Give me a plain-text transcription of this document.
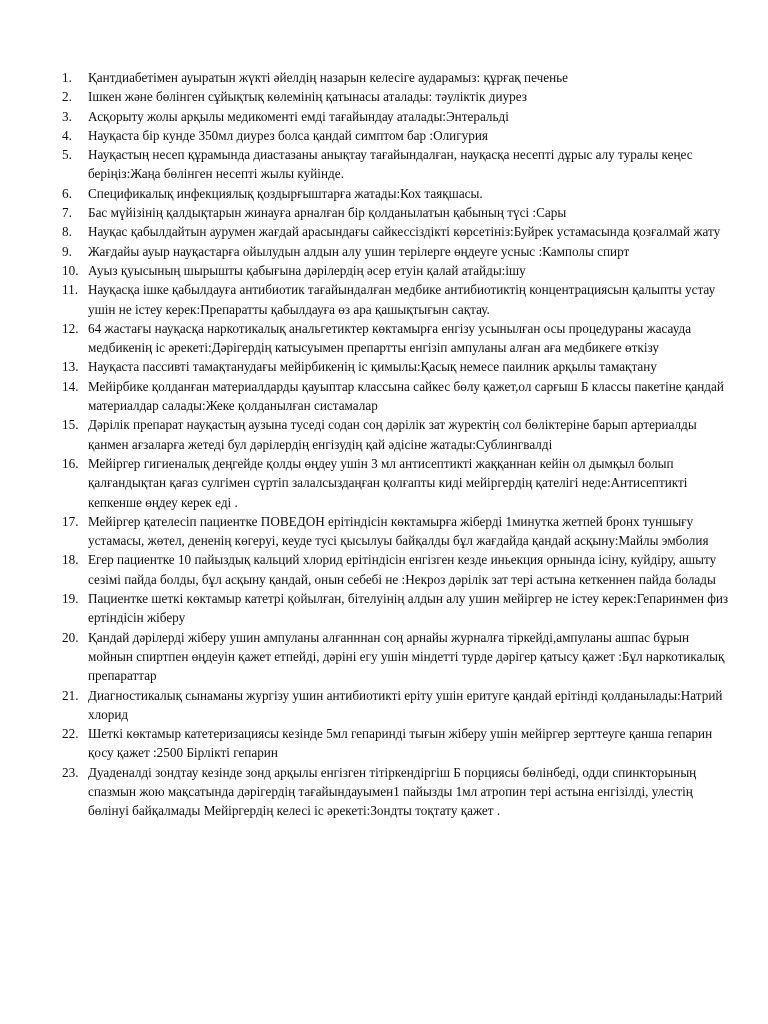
1.	Қантдиабетімен ауыратын жүкті әйелдің назарын келесіге аударамыз: құрғақ печенье
2.	Ішкен және бөлінген сұйықтық көлемінің қатынасы аталады: тәуліктік диурез
3.	Асқорыту жолы арқылы медикоменті емді тағайындау аталады:Энтеральді
4.	Науқаста бір кунде 350мл диурез болса қандай симптом бар :Олигурия
5.	Науқастың несеп құрамында диастазаны анықтау тағайындалған, науқасқа несепті дұрыс алу туралы кеңес беріңіз:Жаңа бөлінген несепті жылы куйінде.
6.	Спецификалық инфекциялық қоздырғыштарға жатады:Кох таяқшасы.
7.	Бас мүйізінің қалдықтарын жинауға арналған бір қолданылатын қабының түсі :Сары
8.	Науқас қабылдайтын аурумен жағдай арасындағы сайкессіздікті көрсетініз:Буйрек устамасында қозғалмай жату
9.	Жағдайы ауыр науқастарға ойылудын алдын алу ушин терілерге өңдеуге усныс :Камполы спирт
10. Ауыз қуысының шырышты қабығына дәрілердің әсер етуін қалай атайды:ішу
11. Науқасқа ішке қабылдауға антибиотик тағайындалған медбике антибиотиктің концентрациясын қалыпты устау ушін не істеу керек:Препаратты қабылдауға өз ара қашықтығын сақтау.
12. 64 жастағы науқасқа наркотикалық анальгетиктер көктамырға енгізу усынылған осы процедураны жасауда медбикенің іс әрекеті:Дәрігердің катысуымен препартты енгізіп ампуланы алған аға медбикеге өткізу
13. Науқаста пассивті тамақтанудағы мейірбикенің іс қимылы:Қасық немесе паилник арқылы тамақтану
14. Мейірбике қолданған материалдарды қауыптар классына сайкес бөлу қажет,ол сарғыш Б классы пакетіне қандай материалдар салады:Жеке қолданылған систамалар
15. Дәрілік препарат науқастың аузына туседі содан соң дәрілік зат журектің сол бөліктеріне барып артериалды қанмен ағзаларға жетеді бул дәрілердің енгізудің қай әдісіне жатады:Сублингвалді
16. Мейіргер гигиеналық деңгейде қолды өңдеу ушін 3 мл антисептикті жаққаннан кейін ол дымқыл болып қалғандықтан қағаз сулгімен сүртіп залалсыздаңған қолғапты киді мейіргердің қателігі неде:Антисептикті кепкенше өңдеу керек еді .
17. Мейіргер қателесіп пациентке ПОВЕДОН ерітіндісін көктамырға жіберді 1минутка жетпей бронх туншығу устамасы, жөтел, дененің көгеруі, кеуде тусі қысылуы байқалды бұл жағдайда қандай асқыну:Майлы эмболия
18. Егер пациентке 10 пайыздық кальций хлорид ерітіндісін енгізген кезде иньекция орнында ісіну, куйдіру, ашыту сезімі пайда болды, бұл асқыну қандай, онын себебі не :Некроз дәрілік зат тері астына кеткеннен пайда болады
19. Пациентке шеткі көктамыр катетрі қойылған, бітелуінің алдын алу ушин мейіргер не істеу керек:Гепаринмен физ ертіндісін жіберу
20. Қандай дәрілерді жіберу ушин ампуланы алғанннан соң арнайы журналға тіркейді,ампуланы ашпас бұрын мойнын спиртпен өңдеуін қажет етпейді, дәріні егу ушін міндетті турде дәрігер қатысу қажет :Бұл наркотикалық препараттар
21. Диагностикалық сынаманы жургізу ушин антибиотикті еріту ушін еритуге қандай ерітінді қолданылады:Натрий хлорид
22. Шеткі көктамыр катетеризациясы кезінде 5мл гепаринді тығын жіберу ушін мейіргер зерттеуге қанша гепарин қосу қажет :2500 Бірлікті гепарин
23. Дуаденалді зондтау кезінде зонд арқылы енгізген тітіркендіргіш Б порциясы бөлінбеді, одди спинкторының спазмын жою мақсатында дәрігердің тағайындауымен1 пайызды 1мл атропин тері астына енгізілді, улестің бөлінуі байқалмады Мейіргердің келесі іс әрекеті:Зондты тоқтату қажет .
